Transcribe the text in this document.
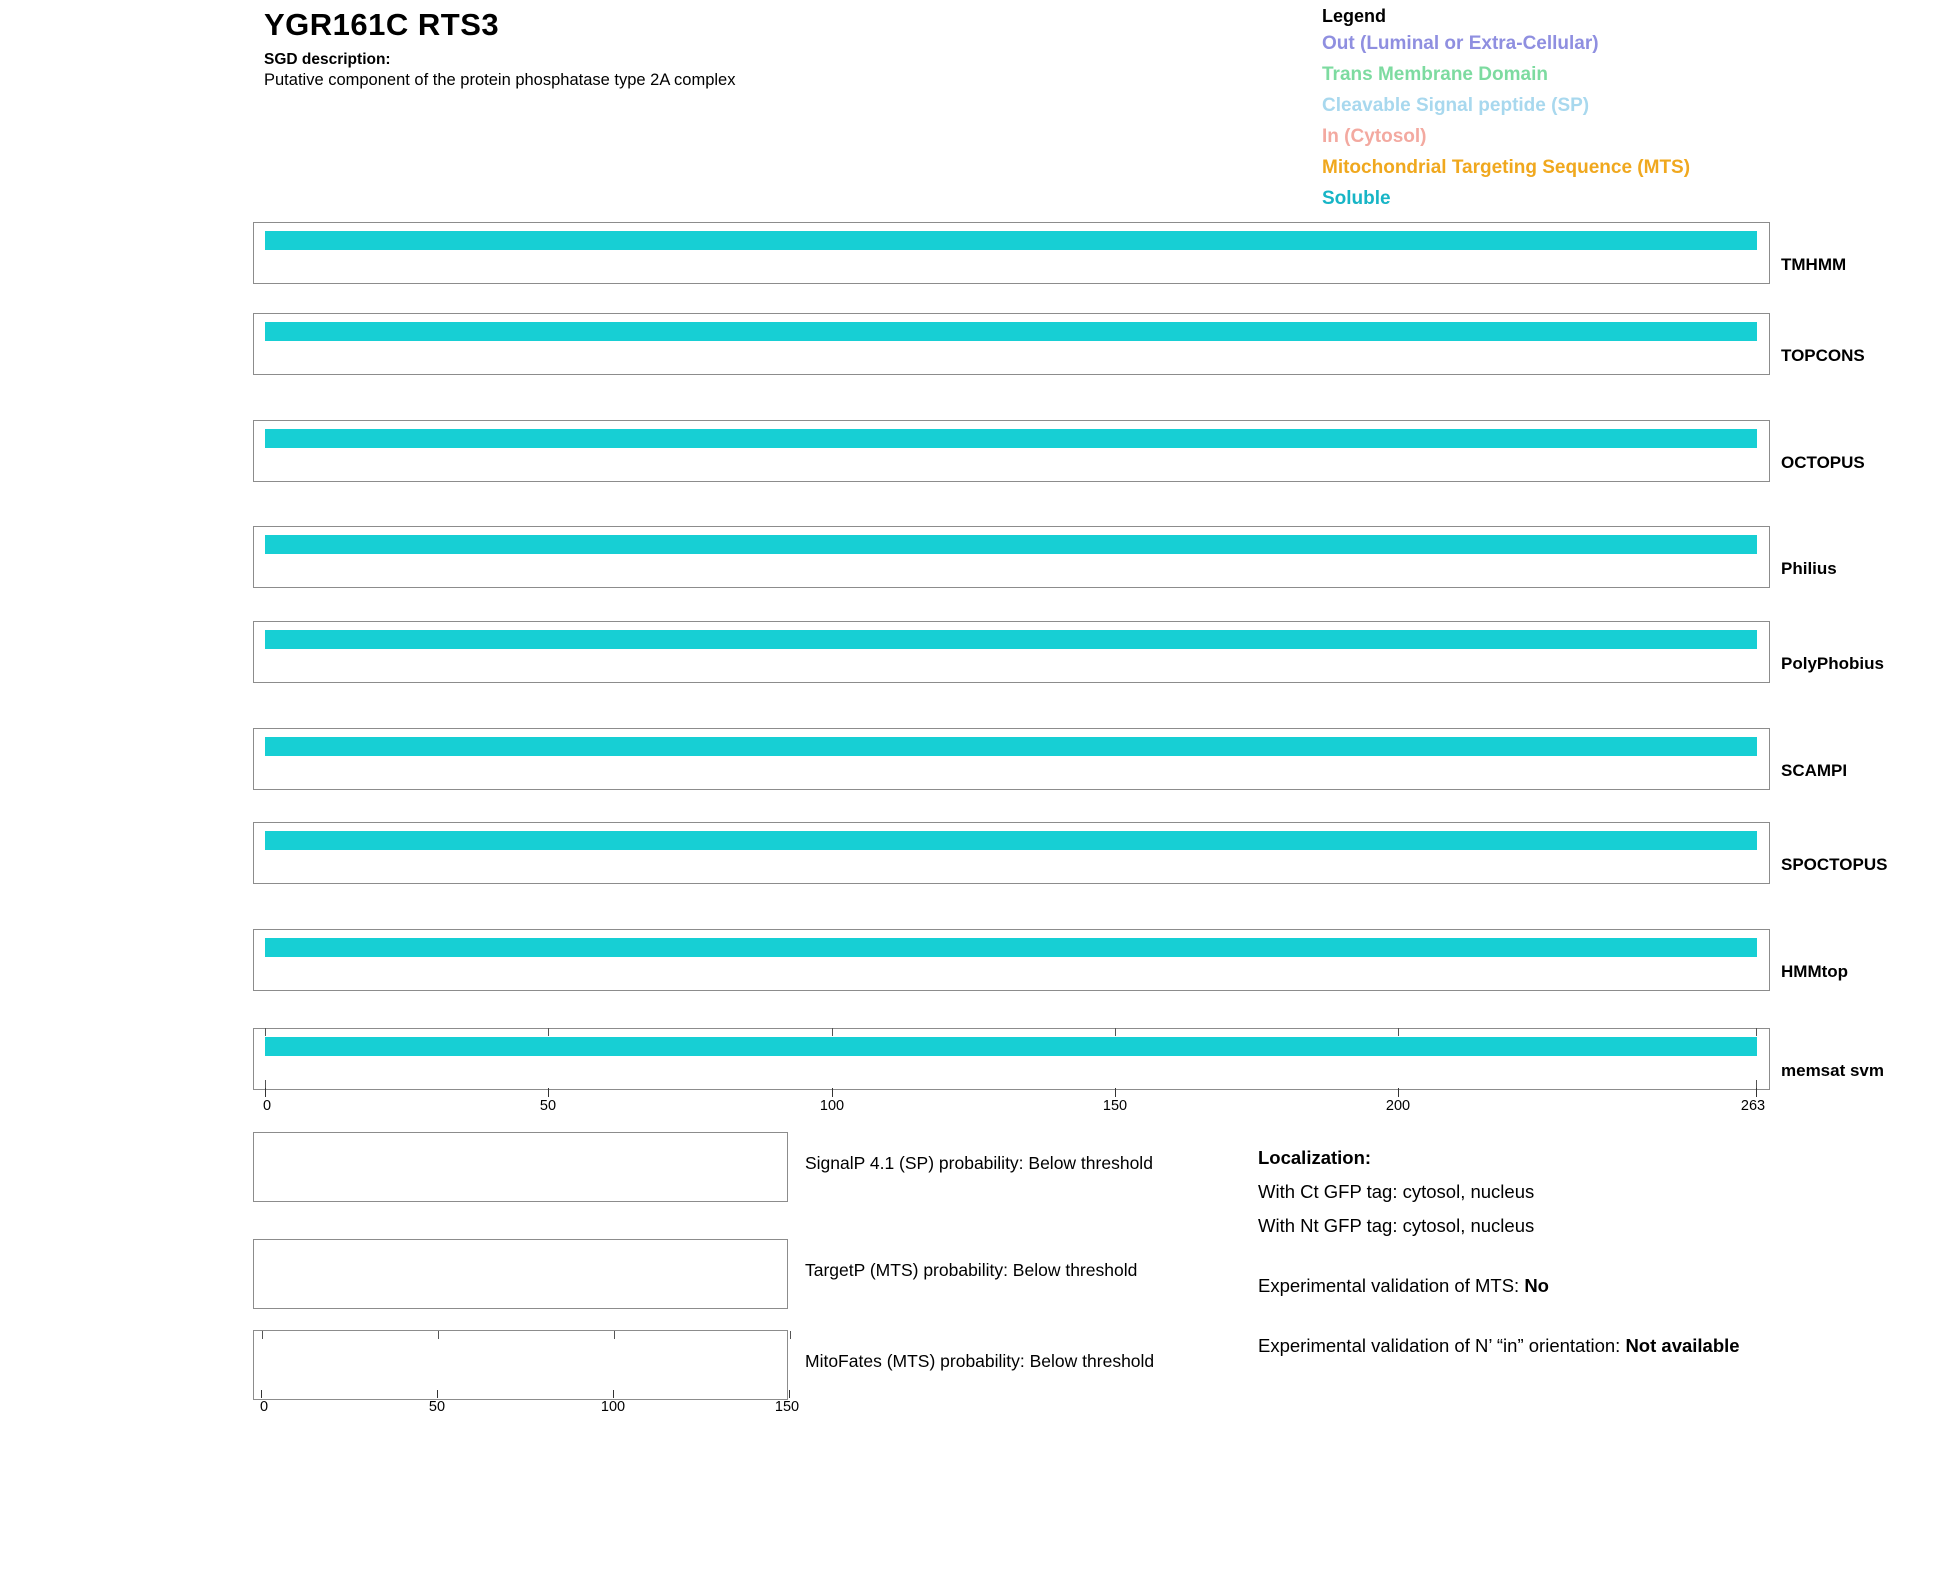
YGR161C RTS3
SGD description:
Putative component of the protein phosphatase type 2A complex
Legend
Out (Luminal or Extra-Cellular)
Trans Membrane Domain
Cleavable Signal peptide (SP)
In (Cytosol)
Mitochondrial Targeting Sequence (MTS)
Soluble
TMHMM
TOPCONS
OCTOPUS
Philius
PolyPhobius
SCAMPI
SPOCTOPUS
HMMtop
memsat svm
0	50	100	150	200	263
SignalP 4.1 (SP) probability: Below threshold
TargetP (MTS) probability: Below threshold
MitoFates (MTS) probability: Below threshold
0	50	100	150
Localization:
With Ct GFP tag: cytosol, nucleus
With Nt GFP tag: cytosol, nucleus
Experimental validation of MTS: No
Experimental validation of N’ “in” orientation: Not available
